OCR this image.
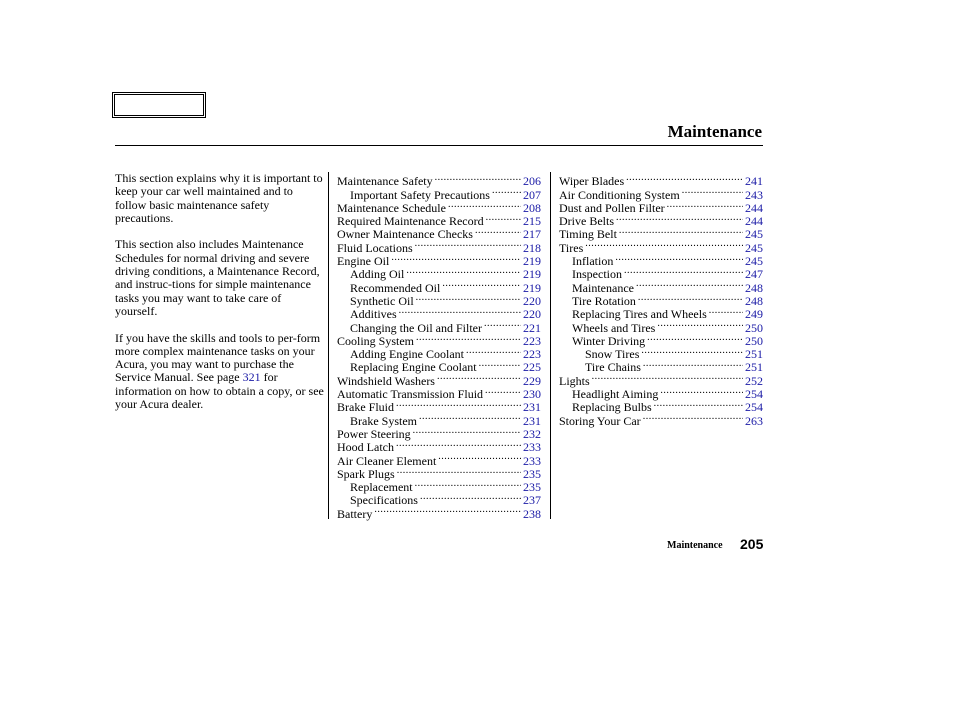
Maintenance

This section explains why it is important to keep your car well maintained and to follow basic maintenance safety precautions.

This section also includes Maintenance Schedules for normal driving and severe driving conditions, a Maintenance Record, and instruc-tions for simple maintenance tasks you may want to take care of yourself.

If you have the skills and tools to per-form more complex maintenance tasks on your Acura, you may want to purchase the Service Manual. See page 321 for information on how to obtain a copy, or see your Acura dealer.

Maintenance Safety .....	206
Important Safety Precautions .....	207
Maintenance Schedule .....	208
Required Maintenance Record .....	215
Owner Maintenance Checks .....	217
Fluid Locations .....	218
Engine Oil .....	219
Adding Oil .....	219
Recommended Oil .....	219
Synthetic Oil .....	220
Additives .....	220
Changing the Oil and Filter .....	221
Cooling System .....	223
Adding Engine Coolant .....	223
Replacing Engine Coolant .....	225
Windshield Washers .....	229
Automatic Transmission Fluid .....	230
Brake Fluid .....	231
Brake System .....	231
Power Steering .....	232
Hood Latch .....	233
Air Cleaner Element .....	233
Spark Plugs .....	235
Replacement .....	235
Specifications .....	237
Battery .....	238
Wiper Blades .....	241
Air Conditioning System .....	243
Dust and Pollen Filter .....	244
Drive Belts .....	244
Timing Belt .....	245
Tires .....	245
Inflation .....	245
Inspection .....	247
Maintenance .....	248
Tire Rotation .....	248
Replacing Tires and Wheels .....	249
Wheels and Tires .....	250
Winter Driving .....	250
Snow Tires .....	251
Tire Chains .....	251
Lights .....	252
Headlight Aiming .....	254
Replacing Bulbs .....	254
Storing Your Car .....	263
Maintenance 205
